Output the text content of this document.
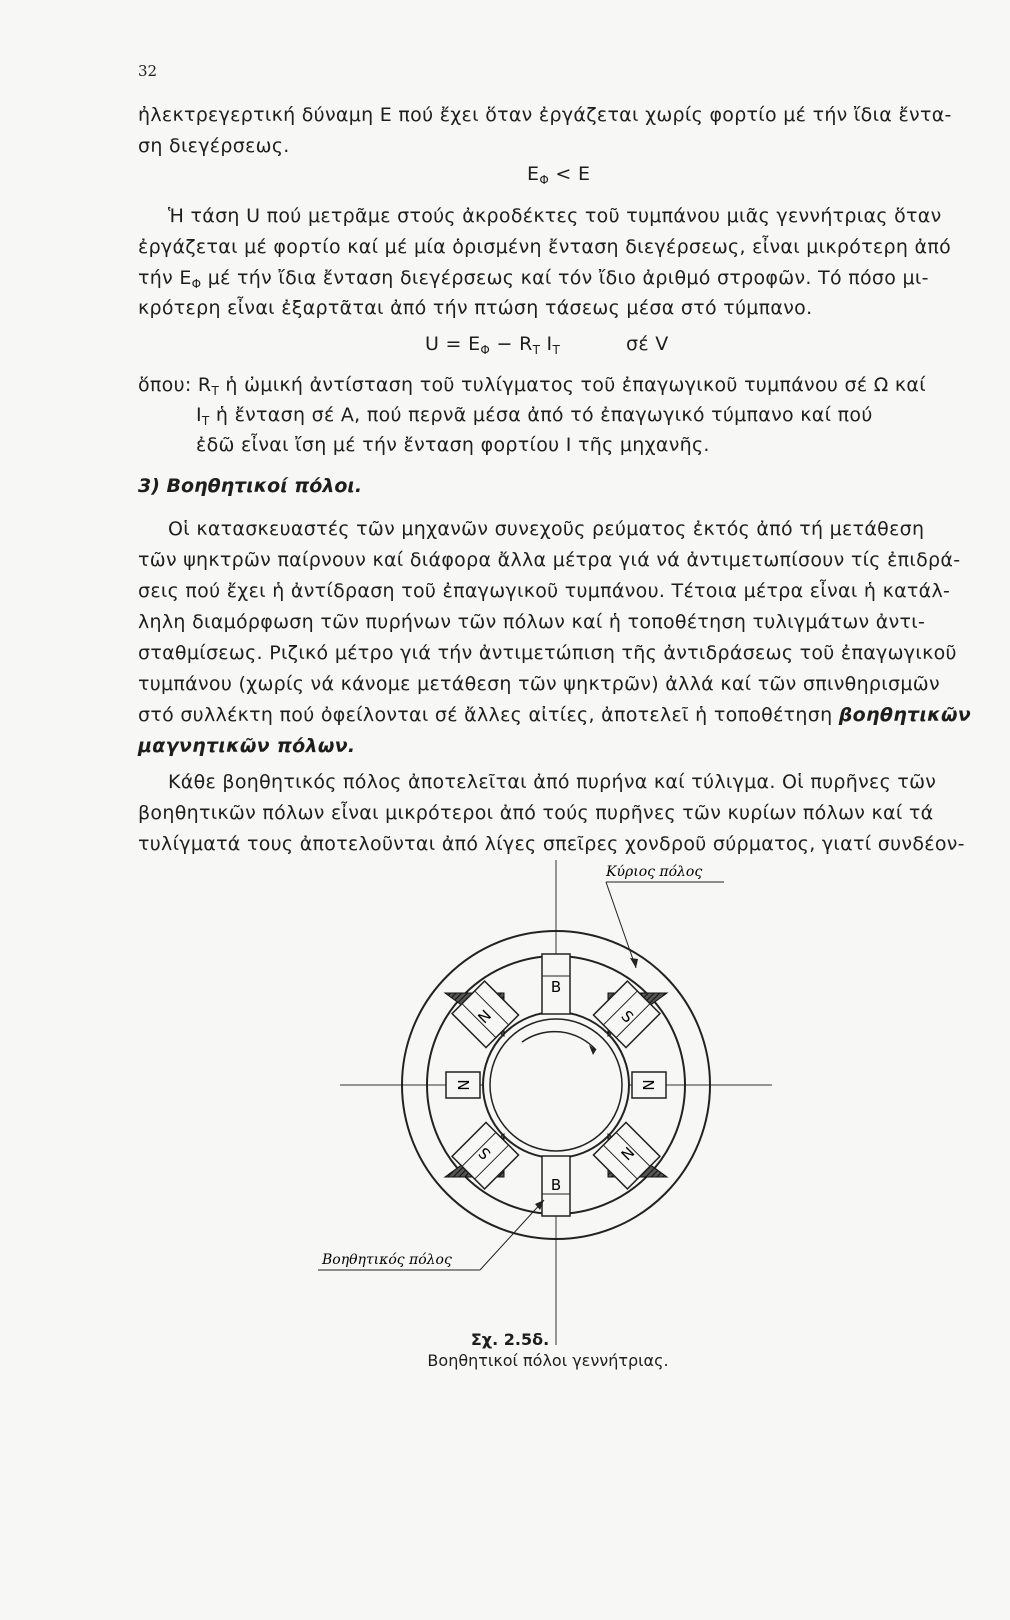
32
ἠλεκτρεγερτική δύναμη Ε πού ἔχει ὅταν ἐργάζεται χωρίς φορτίο μέ τήν ἴδια ἔντα-
ση διεγέρσεως.
$E_\Phi < E$
Ἡ τάση U πού μετρᾶμε στούς ἀκροδέκτες τοῦ τυμπάνου μιᾶς γεννήτριας ὅταν
ἐργάζεται μέ φορτίο καί μέ μία ὁρισμένη ἔνταση διεγέρσεως, εἶναι μικρότερη ἀπό
τήν $E_\Phi$ μέ τήν ἴδια ἔνταση διεγέρσεως καί τόν ἴδιο ἀριθμό στροφῶν. Τό πόσο μι-
κρότερη εἶναι ἐξαρτᾶται ἀπό τήν πτώση τάσεως μέσα στό τύμπανο.
$U = E_\Phi - R_T$ $I_T$	σέ V
ὅπου: $R_T$ ἡ ὠμική ἀντίσταση τοῦ τυλίγματος τοῦ ἐπαγωγικοῦ τυμπάνου σέ Ω καί
$I_T$ ἡ ἔνταση σέ Α, πού περνᾶ μέσα ἀπό τό ἐπαγωγικό τύμπανο καί πού
ἐδῶ εἶναι ἴση μέ τήν ἔνταση φορτίου I τῆς μηχανῆς.
3) Βοηθητικοί πόλοι.
Οἱ κατασκευαστές τῶν μηχανῶν συνεχοῦς ρεύματος ἐκτός ἀπό τή μετάθεση
τῶν ψηκτρῶν παίρνουν καί διάφορα ἄλλα μέτρα γιά νά ἀντιμετωπίσουν τίς ἐπιδρά-
σεις πού ἔχει ἡ ἀντίδραση τοῦ ἐπαγωγικοῦ τυμπάνου. Τέτοια μέτρα εἶναι ἡ κατάλ-
ληλη διαμόρφωση τῶν πυρήνων τῶν πόλων καί ἡ τοποθέτηση τυλιγμάτων ἀντι-
σταθμίσεως. Ριζικό μέτρο γιά τήν ἀντιμετώπιση τῆς ἀντιδράσεως τοῦ ἐπαγωγικοῦ
τυμπάνου (χωρίς νά κάνομε μετάθεση τῶν ψηκτρῶν) ἀλλά καί τῶν σπινθηρισμῶν
στό συλλέκτη πού ὀφείλονται σέ ἄλλες αἰτίες, ἀποτελεῖ ἡ τοποθέτηση βοηθητικῶν
μαγνητικῶν πόλων.
Κάθε βοηθητικός πόλος ἀποτελεῖται ἀπό πυρήνα καί τύλιγμα. Οἱ πυρῆνες τῶν
βοηθητικῶν πόλων εἶναι μικρότεροι ἀπό τούς πυρῆνες τῶν κυρίων πόλων καί τά
τυλίγματά τους ἀποτελοῦνται ἀπό λίγες σπεῖρες χονδροῦ σύρματος, γιατί συνδέον-
B
B
N	N
N	S
S	N
Κύριος πόλος
Βοηθητικός πόλος
Σχ. 2.5δ.
Βοηθητικοί πόλοι γεννήτριας.
